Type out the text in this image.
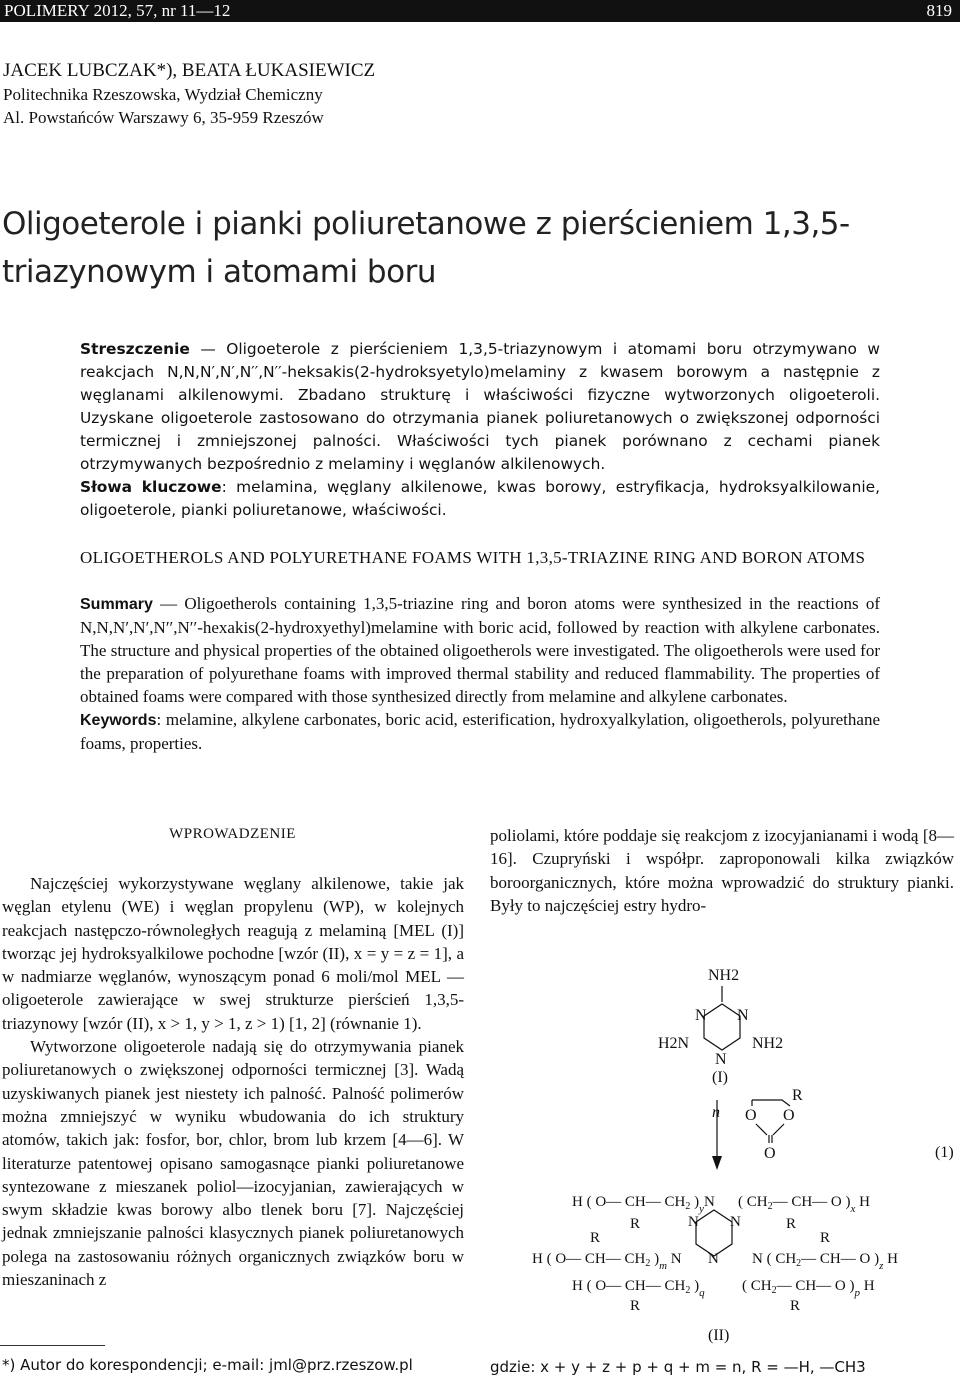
POLIMERY 2012, 57, nr 11—12	819
JACEK LUBCZAK*), BEATA ŁUKASIEWICZ
Politechnika Rzeszowska, Wydział Chemiczny
Al. Powstańców Warszawy 6, 35-959 Rzeszów
Oligoeterole i pianki poliuretanowe z pierścieniem 1,3,5-triazynowym i atomami boru
Streszczenie — Oligoeterole z pierścieniem 1,3,5-triazynowym i atomami boru otrzymywano w reakcjach N,N,N′,N′,N′′,N′′-heksakis(2-hydroksyetylo)melaminy z kwasem borowym a następnie z węglanami alkilenowymi. Zbadano strukturę i właściwości fizyczne wytworzonych oligoeteroli. Uzyskane oligoeterole zastosowano do otrzymania pianek poliuretanowych o zwiększonej odporności termicznej i zmniejszonej palności. Właściwości tych pianek porównano z cechami pianek otrzymywanych bezpośrednio z melaminy i węglanów alkilenowych.
Słowa kluczowe: melamina, węglany alkilenowe, kwas borowy, estryfikacja, hydroksyalkilowanie, oligoeterole, pianki poliuretanowe, właściwości.
OLIGOETHEROLS AND POLYURETHANE FOAMS WITH 1,3,5-TRIAZINE RING AND BORON ATOMS
Summary — Oligoetherols containing 1,3,5-triazine ring and boron atoms were synthesized in the reactions of N,N,N′,N′,N′′,N′′-hexakis(2-hydroxyethyl)melamine with boric acid, followed by reaction with alkylene carbonates. The structure and physical properties of the obtained oligoetherols were investigated. The oligoetherols were used for the preparation of polyurethane foams with improved thermal stability and reduced flammability. The properties of obtained foams were compared with those synthesized directly from melamine and alkylene carbonates.
Keywords: melamine, alkylene carbonates, boric acid, esterification, hydroxyalkylation, oligoetherols, polyurethane foams, properties.
WPROWADZENIE

Najczęściej wykorzystywane węglany alkilenowe, takie jak węglan etylenu (WE) i węglan propylenu (WP), w kolejnych reakcjach następczo-równoległych reagują z melaminą [MEL (I)] tworząc jej hydroksyalkilowe pochodne [wzór (II), x = y = z = 1], a w nadmiarze węglanów, wynoszącym ponad 6 moli/mol MEL — oligoeterole zawierające w swej strukturze pierścień 1,3,5-triazynowy [wzór (II), x > 1, y > 1, z > 1) [1, 2] (równanie 1).

Wytworzone oligoeterole nadają się do otrzymywania pianek poliuretanowych o zwiększonej odporności termicznej [3]. Wadą uzyskiwanych pianek jest niestety ich palność. Palność polimerów można zmniejszyć w wyniku wbudowania do ich struktury atomów, takich jak: fosfor, bor, chlor, brom lub krzem [4—6]. W literaturze patentowej opisano samogasnące pianki poliuretanowe syntezowane z mieszanek poliol—izocyjanian, zawierających w swym składzie kwas borowy albo tlenek boru [7]. Najczęściej jednak zmniejszanie palności klasycznych pianek poliuretanowych polega na zastosowaniu różnych organicznych związków boru w mieszaninach z

poliolami, które poddaje się reakcjom z izocyjanianami i wodą [8—16]. Czupryński i współpr. zaproponowali kilka związków boroorganicznych, które można wprowadzić do struktury pianki. Były to najczęściej estry hydro-
NH2
N N
N
H2N	NH2
(I)
n O O
O
R
(1)
H ( O— CH— $CH_2$ )$_yN$ ( $CH_2—$ CH— O )$_x$ H
R	R
N N
R	R
H ( O— CH— $CH_2$ )$_m$ N N N ( $CH_2—$ CH— O )$_z$ H
H ( O— CH— $CH_2$ )$_q$ ( $CH_2—$ CH— O )$_p$ H
R	R
(II)
*) Autor do korespondencji; e-mail: jml@prz.rzeszow.pl	gdzie: x + y + z + p + q + m = n, R = —H, —CH3
